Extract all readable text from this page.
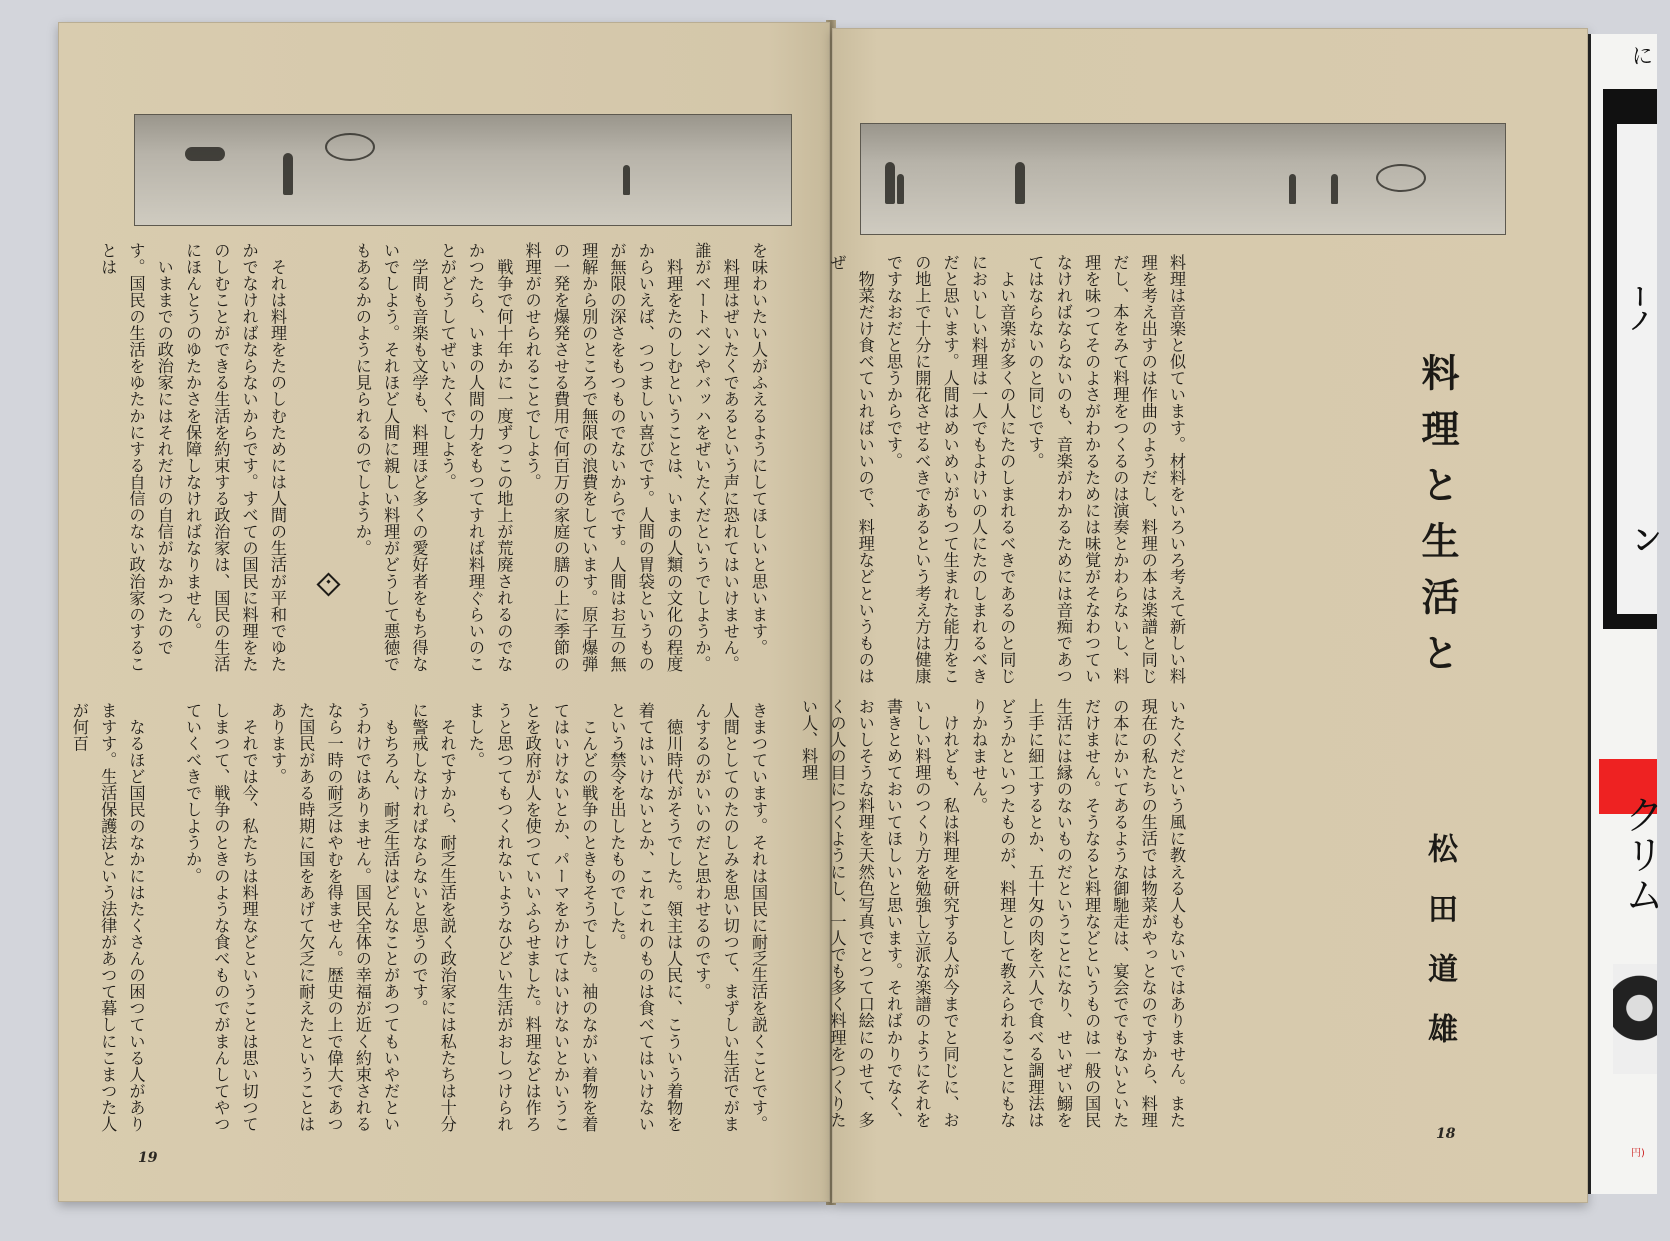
を味わいたい人がふえるようにしてほしいと思います。
　料理はぜいたくであるという声に恐れてはいけません。誰がベートベンやバッハをぜいたくだというでしようか。
　料理をたのしむということは、いまの人類の文化の程度からいえば、つつましい喜びです。人間の胃袋というものが無限の深さをもつものでないからです。人間はお互の無理解から別のところで無限の浪費をしています。原子爆弾の一発を爆発させる費用で何百万の家庭の膳の上に季節の料理がのせられることでしよう。
　戦争で何十年かに一度ずつこの地上が荒廃されるのでなかつたら、いまの人間の力をもつてすれば料理ぐらいのことがどうしてぜいたくでしよう。
　学問も音楽も文学も、料理ほど多くの愛好者をもち得ないでしよう。それほど人間に親しい料理がどうして悪徳でもあるかのように見られるのでしようか。

　それは料理をたのしむためには人間の生活が平和でゆたかでなければならないからです。すべての国民に料理をたのしむことができる生活を約束する政治家は、国民の生活にほんとうのゆたかさを保障しなければなりません。
　いままでの政治家にはそれだけの自信がなかつたのです。国民の生活をゆたかにする自信のない政治家のすることは
きまつています。それは国民に耐乏生活を説くことです。人間としてのたのしみを思い切つて、まずしい生活でがまんするのがいいのだと思わせるのです。
　徳川時代がそうでした。領主は人民に、こういう着物を着てはいけないとか、これこれのものは食べてはいけないという禁令を出したものでした。
　こんどの戦争のときもそうでした。袖のながい着物を着てはいけないとか、パーマをかけてはいけないとかいうことを政府が人を使つていいふらせました。料理などは作ろうと思つてもつくれないようなひどい生活がおしつけられました。
　それですから、耐乏生活を説く政治家には私たちは十分に警戒しなければならないと思うのです。
　もちろん、耐乏生活はどんなことがあつてもいやだというわけではありません。国民全体の幸福が近く約束されるなら一時の耐乏はやむを得ません。歴史の上で偉大であつた国民がある時期に国をあげて欠乏に耐えたということはあります。
　それでは今、私たちは料理などということは思い切つてしまつて、戦争のときのような食べものでがまんしてやつていくべきでしようか。

　なるほど国民のなかにはたくさんの困つている人がありますす。生活保護法という法律があつて暮しにこまつた人が何百
19
料理と生活と
松田道雄
料理は音楽と似ています。材料をいろいろ考えて新しい料理を考え出すのは作曲のようだし、料理の本は楽譜と同じだし、本をみて料理をつくるのは演奏とかわらないし、料理を味つてそのよさがわかるためには味覚がそなわつていなければならないのも、音楽がわかるためには音痴であつてはならないのと同じです。
　よい音楽が多くの人にたのしまれるべきであるのと同じにおいしい料理は一人でもよけいの人にたのしまれるべきだと思います。人間はめいめいがもつて生まれた能力をこの地上で十分に開花させるべきであるという考え方は健康ですなおだと思うからです。
　物菜だけ食べていればいいので、料理などというものはぜ
いたくだという風に教える人もないではありません。また現在の私たちの生活では物菜がやっとなのですから、料理の本にかいてあるような御馳走は、宴会ででもないといただけません。そうなると料理などというものは一般の国民生活には縁のないものだということになり、せいぜい鰯を上手に細工するとか、五十匁の肉を六人で食べる調理法はどうかといつたものが、料理として教えられることにもなりかねません。
　けれども、私は料理を研究する人が今までと同じに、おいしい料理のつくり方を勉強し立派な楽譜のようにそれを書きとめておいてほしいと思います。そればかりでなく、おいしそうな料理を天然色写真でとつて口絵にのせて、多くの人の目につくようにし、一人でも多く料理をつくりたい人、料理
18
に
ーノ
ン
クリム
円)
